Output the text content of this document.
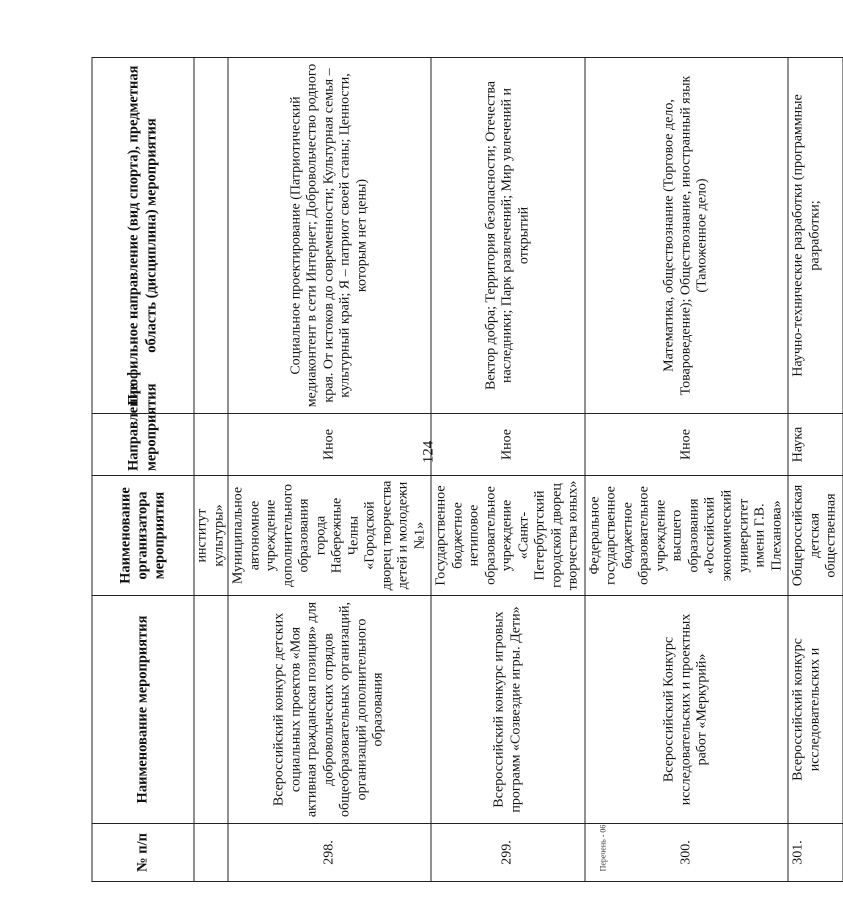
124
№ п/п	Наименование мероприятия	Наименование организатора мероприятия	Направление мероприятия	Профильное направление (вид спорта), предметная область (дисциплина) мероприятия
		институт культуры»		
298.	Всероссийский конкурс детских социальных проектов «Моя активная гражданская позиция» для добровольческих отрядов общеобразовательных организаций, организаций дополнительного образования	Муниципальное автономное учреждение дополнительного образования города Набережные Челны «Городской дворец творчества детей и молодежи №1»	Иное	Социальное проектирование (Патриотический медиаконтент в сети Интернет; Добровольчество родного края. От истоков до современности; Культурная семья – культурный край; Я – патриот своей станы; Ценности, которым нет цены)
299.	Всероссийский конкурс игровых программ «Созвездие игры. Дети»	Государственное бюджетное нетиповое образовательное учреждение «Санкт-Петербургский городской дворец творчества юных»	Иное	Вектор добра; Территория безопасности; Отечества наследники; Парк развлечений; Мир увлечений и открытий
300.	Всероссийский Конкурс исследовательских и проектных работ «Меркурий»	Федеральное государственное бюджетное образовательное учреждение высшего образования «Российский экономический университет имени Г.В. Плеханова»	Иное	Математика, обществознание (Торговое дело, Товароведение); Обществознание, иностранный язык (Таможенное дело)
301.	Всероссийский конкурс исследовательских и	Общероссийская детская общественная	Наука	Научно-технические разработки (программные разработки;
Перечень - 06
